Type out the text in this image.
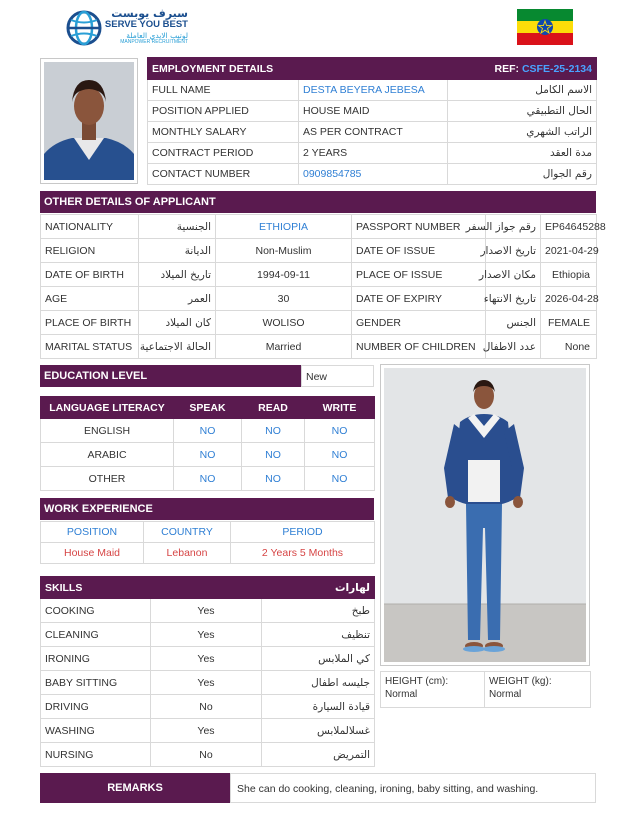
سيرف يوبست
SERVE YOU BEST
لوتيب الايدي العاملة
MANPOWER RECRUITMENT
EMPLOYMENT DETAILS	REF: CSFE-25-2134	
FULL NAME	DESTA BEYERA JEBESA	الاسم الكامل
POSITION APPLIED	HOUSE MAID	الحال التطبيقي
MONTHLY SALARY	AS PER CONTRACT	الراتب الشهري
CONTRACT PERIOD	2 YEARS	مدة العقد
CONTACT NUMBER	0909854785	رقم الجوال
OTHER DETAILS OF APPLICANT
NATIONALITY	الجنسية	ETHIOPIA	PASSPORT NUMBER	رقم جواز السفر	EP64645288
RELIGION	الديانة	Non-Muslim	DATE OF ISSUE	تاريخ الاصدار	2021-04-29
DATE OF BIRTH	تاريخ الميلاد	1994-09-11	PLACE OF ISSUE	مكان الاصدار	Ethiopia
AGE	العمر	30	DATE OF EXPIRY	تاريخ الانتهاء	2026-04-28
PLACE OF BIRTH	كان الميلاد	WOLISO	GENDER	الجنس	FEMALE
MARITAL STATUS	الحالة الاجتماعية	Married	NUMBER OF CHILDREN	عدد الاطفال	None
EDUCATION LEVEL	New
LANGUAGE LITERACY	SPEAK	READ	WRITE
ENGLISH	NO	NO	NO
ARABIC	NO	NO	NO
OTHER	NO	NO	NO
WORK EXPERIENCE
POSITION	COUNTRY	PERIOD
House Maid	Lebanon	2 Years 5 Months
SKILLS		لهارات
COOKING	Yes	طبخ
CLEANING	Yes	تنظيف
IRONING	Yes	كي الملابس
BABY SITTING	Yes	جليسه اطفال
DRIVING	No	قيادة السيارة
WASHING	Yes	غسلالملابس
NURSING	No	التمريض
HEIGHT (cm):
Normal

WEIGHT (kg):
Normal
REMARKS	She can do cooking, cleaning, ironing, baby sitting, and washing.
